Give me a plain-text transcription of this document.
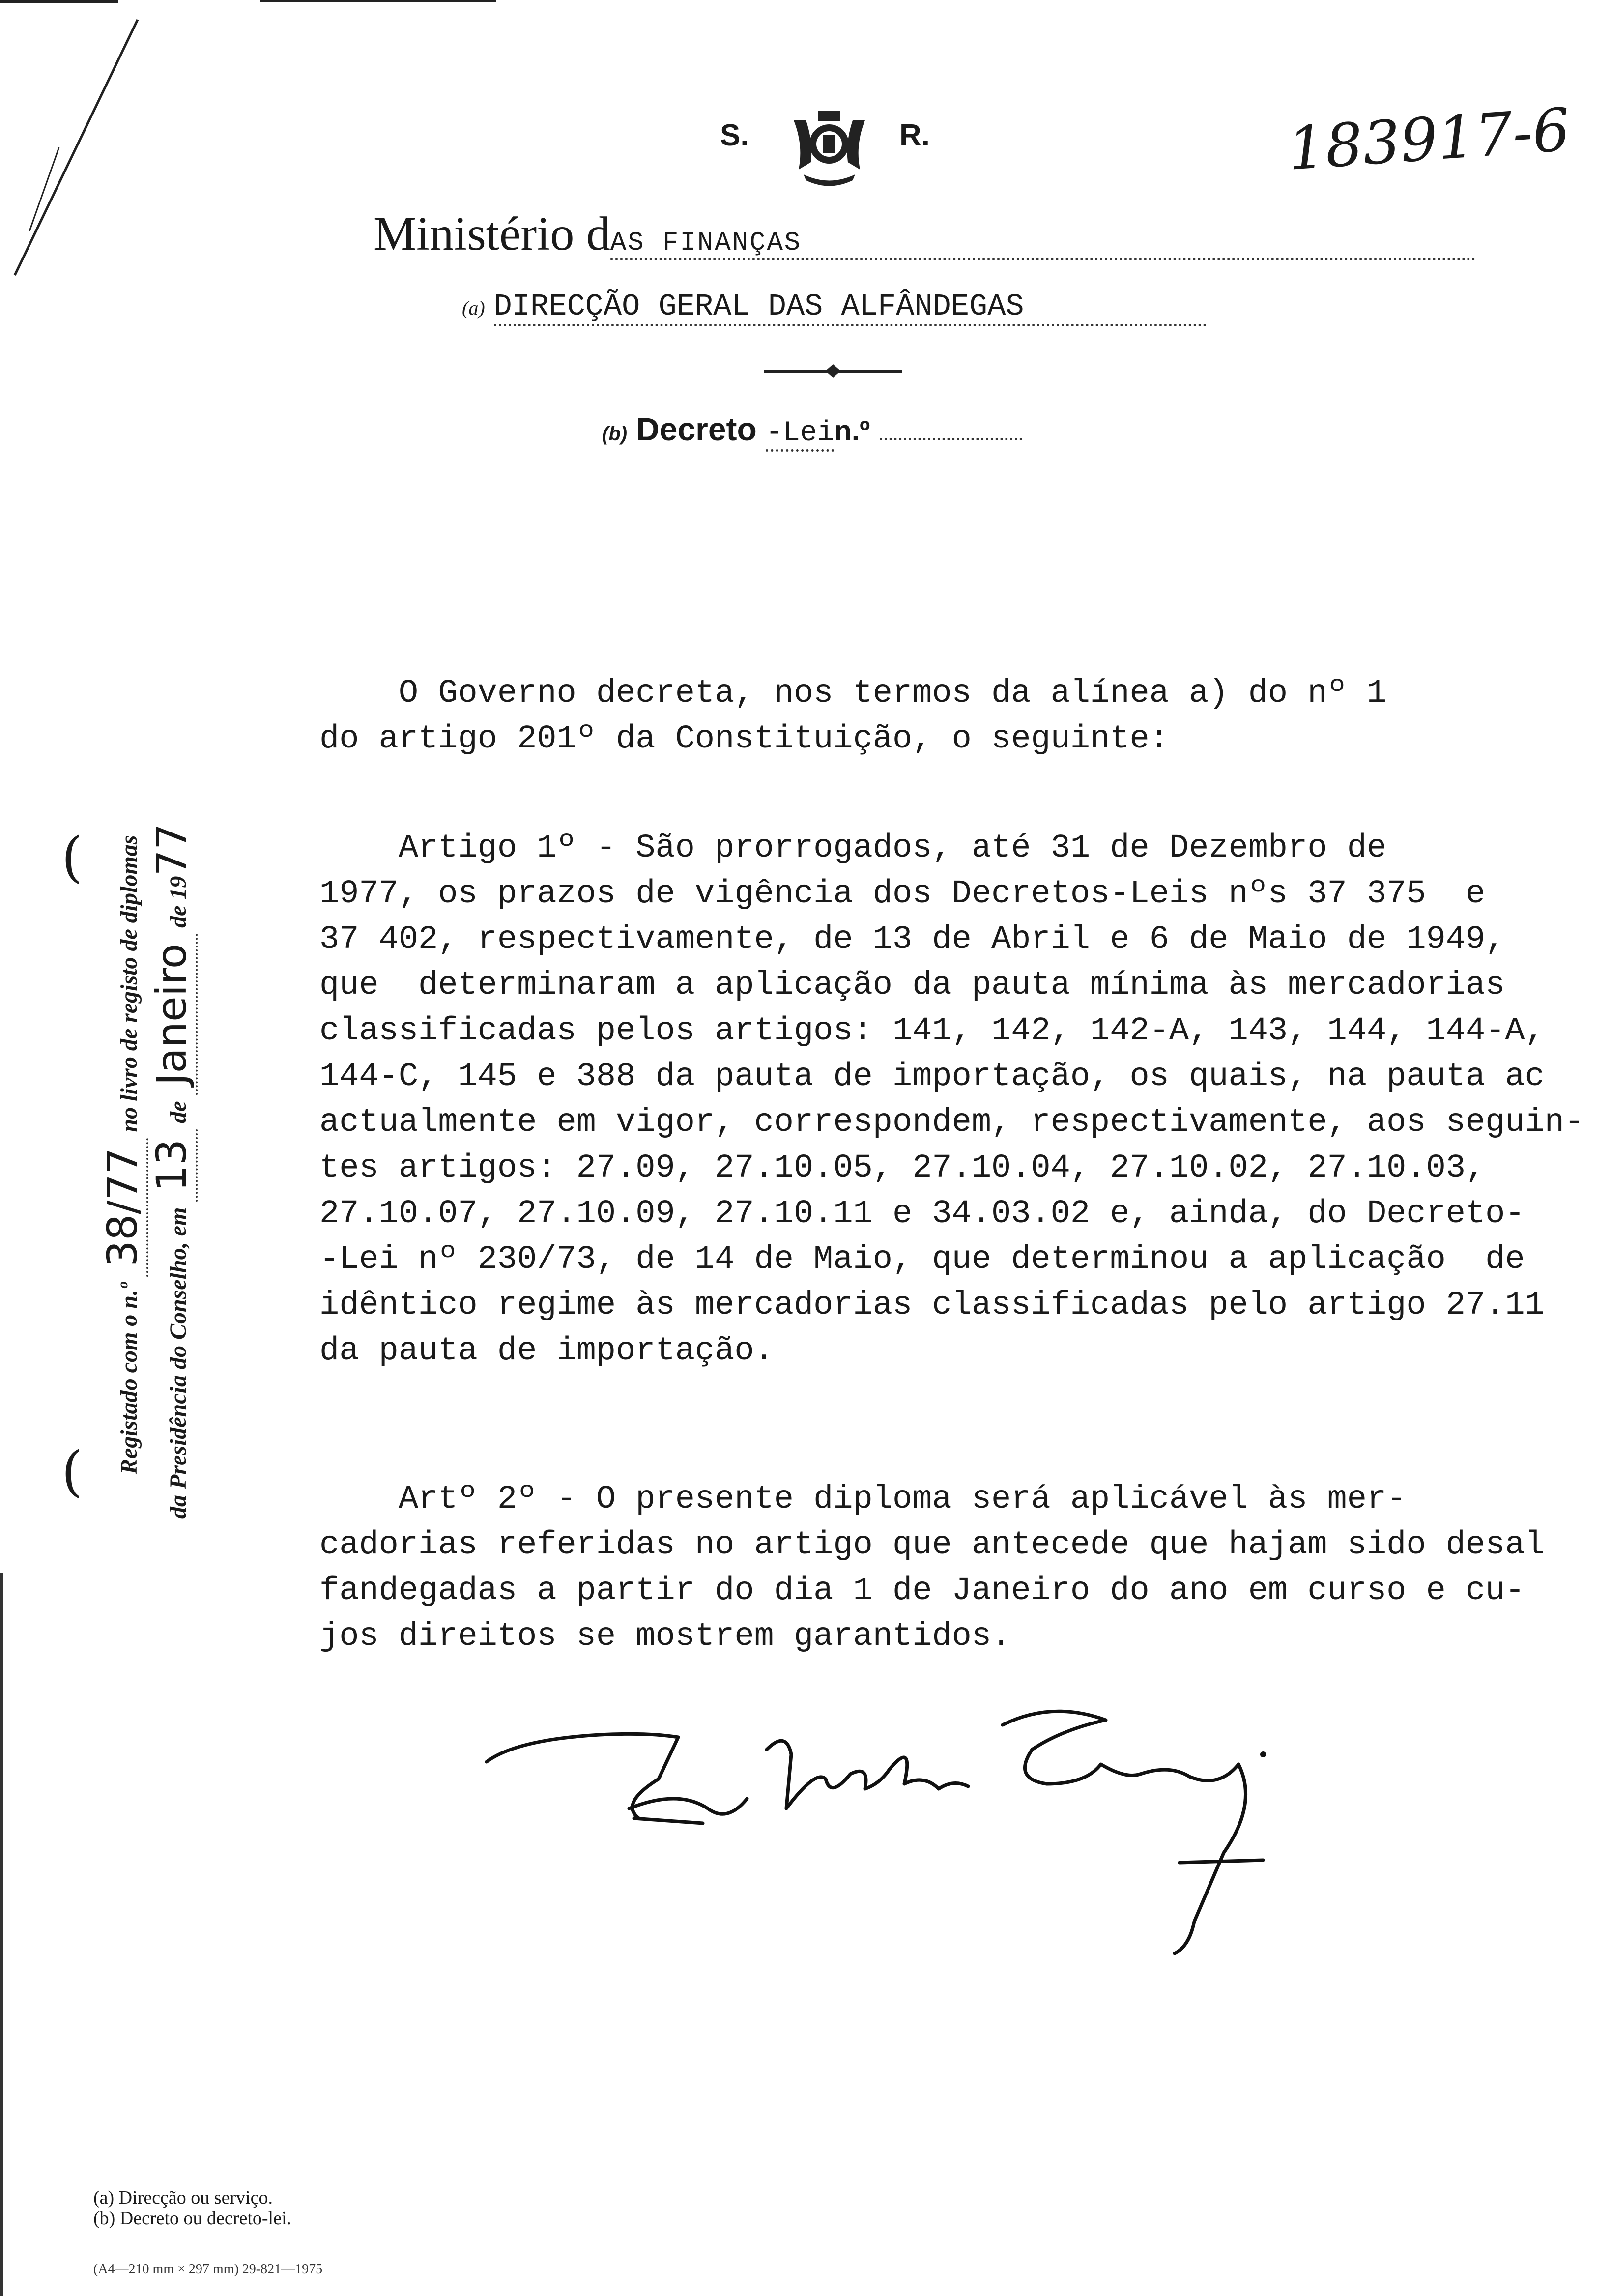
S.	R.	183917-6
Ministério dAS FINANÇAS
(a) DIRECÇÃO GERAL DAS ALFÂNDEGAS
(b) Decreto -Lein.º
(
(	Registado com o n.º 38/77 no livro de registo de diplomas
da Presidência do Conselho, em 13 de Janeiro de 1977

O Governo decreta, nos termos da alínea a) do nº 1
do artigo 201º da Constituição, o seguinte:

Artigo 1º - São prorrogados, até 31 de Dezembro de
1977, os prazos de vigência dos Decretos-Leis nºs 37 375  e
37 402, respectivamente, de 13 de Abril e 6 de Maio de 1949,
que  determinaram a aplicação da pauta mínima às mercadorias
classificadas pelos artigos: 141, 142, 142-A, 143, 144, 144-A,
144-C, 145 e 388 da pauta de importação, os quais, na pauta ac
actualmente em vigor, correspondem, respectivamente, aos seguin-
tes artigos: 27.09, 27.10.05, 27.10.04, 27.10.02, 27.10.03,
27.10.07, 27.10.09, 27.10.11 e 34.03.02 e, ainda, do Decreto-
-Lei nº 230/73, de 14 de Maio, que determinou a aplicação  de
idêntico regime às mercadorias classificadas pelo artigo 27.11
da pauta de importação.

Artº 2º - O presente diploma será aplicável às mer-
cadorias referidas no artigo que antecede que hajam sido desal
fandegadas a partir do dia 1 de Janeiro do ano em curso e cu-
jos direitos se mostrem garantidos.

(a) Direcção ou serviço.
(b) Decreto ou decreto-lei.
(A4—210 mm × 297 mm) 29-821—1975
